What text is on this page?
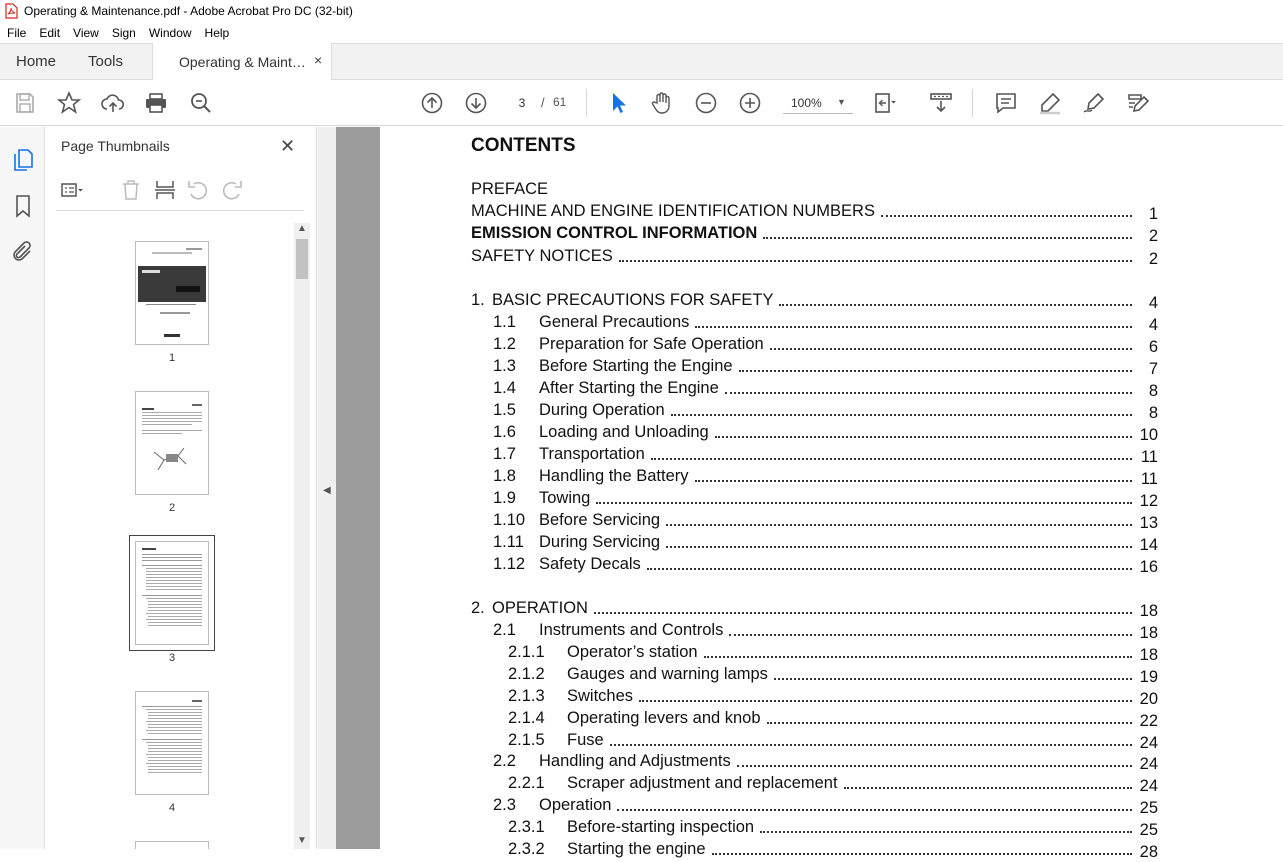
Operating & Maintenance.pdf - Adobe Acrobat Pro DC (32-bit)
File	Edit	View	Sign	Window	Help
Home Tools	Operating & Maint… ×
3
/ 61	100% ▼
Page Thumbnails	✕
1
2
3
4
▲
▼
◀
CONTENTS
PREFACE
MACHINE AND ENGINE IDENTIFICATION NUMBERS	1
EMISSION CONTROL INFORMATION	2
SAFETY NOTICES	2
1. BASIC PRECAUTIONS FOR SAFETY	4
1.1 General Precautions	4
1.2 Preparation for Safe Operation	6
1.3 Before Starting the Engine	7
1.4 After Starting the Engine	8
1.5 During Operation	8
1.6 Loading and Unloading	10
1.7 Transportation	11
1.8 Handling the Battery	11
1.9 Towing	12
1.10 Before Servicing	13
1.11 During Servicing	14
1.12 Safety Decals	16
2. OPERATION	18
2.1 Instruments and Controls	18
2.1.1 Operator’s station	18
2.1.2 Gauges and warning lamps	19
2.1.3 Switches	20
2.1.4 Operating levers and knob	22
2.1.5 Fuse	24
2.2 Handling and Adjustments	24
2.2.1 Scraper adjustment and replacement	24
2.3 Operation	25
2.3.1 Before-starting inspection	25
2.3.2 Starting the engine	28
